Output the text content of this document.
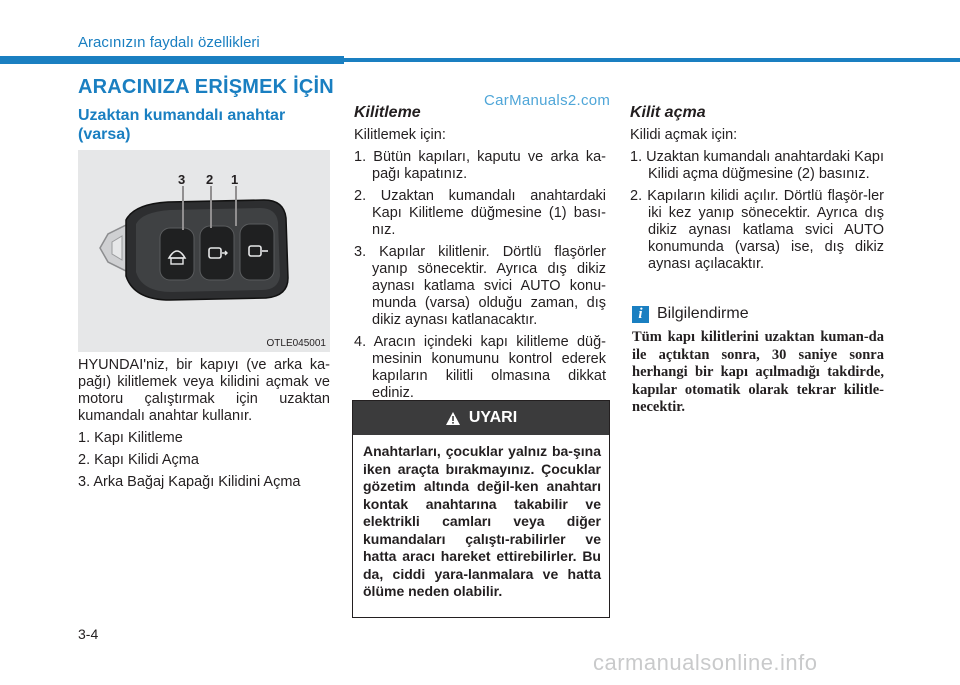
Aracınızın faydalı özellikleri
ARACINIZA ERİŞMEK İÇİN
Uzaktan kumandalı anahtar (varsa)
3 2 1
OTLE045001

HYUNDAI'niz, bir kapıyı (ve arka ka-pağı) kilitlemek veya kilidini açmak ve motoru çalıştırmak için uzaktan kumandalı anahtar kullanır.

1. Kapı Kilitleme
2. Kapı Kilidi Açma
3. Arka Bağaj Kapağı Kilidini Açma
CarManuals2.com
Kilitleme

Kilitlemek için:

1. Bütün kapıları, kaputu ve arka ka-pağı kapatınız.
2. Uzaktan kumandalı anahtardaki Kapı Kilitleme düğmesine (1) bası-nız.
3. Kapılar kilitlenir. Dörtlü flaşörler yanıp sönecektir. Ayrıca dış dikiz aynası katlama svici AUTO konu-munda (varsa) olduğu zaman, dış dikiz aynası katlanacaktır.
4. Aracın içindeki kapı kilitleme düğ-mesinin konumunu kontrol ederek kapıların kilitli olmasına dikkat ediniz.
UYARI
Anahtarları, çocuklar yalnız ba-şına iken araçta bırakmayınız. Çocuklar gözetim altında değil-ken anahtarı kontak anahtarına takabilir ve elektrikli camları veya diğer kumandaları çalıştı-rabilirler ve hatta aracı hareket ettirebilirler. Bu da, ciddi yara-lanmalara ve hatta ölüme neden olabilir.
Kilit açma

Kilidi açmak için:

1. Uzaktan kumandalı anahtardaki Kapı Kilidi açma düğmesine (2) basınız.
2. Kapıların kilidi açılır. Dörtlü flaşör-ler iki kez yanıp sönecektir. Ayrıca dış dikiz aynası katlama svici AUTO konumunda (varsa) ise, dış dikiz aynası açılacaktır.
i Bilgilendirme
Tüm kapı kilitlerini uzaktan kuman-da ile açtıktan sonra, 30 saniye sonra herhangi bir kapı açılmadığı takdirde, kapılar otomatik olarak tekrar kilitle-necektir.
3-4
carmanualsonline.info
